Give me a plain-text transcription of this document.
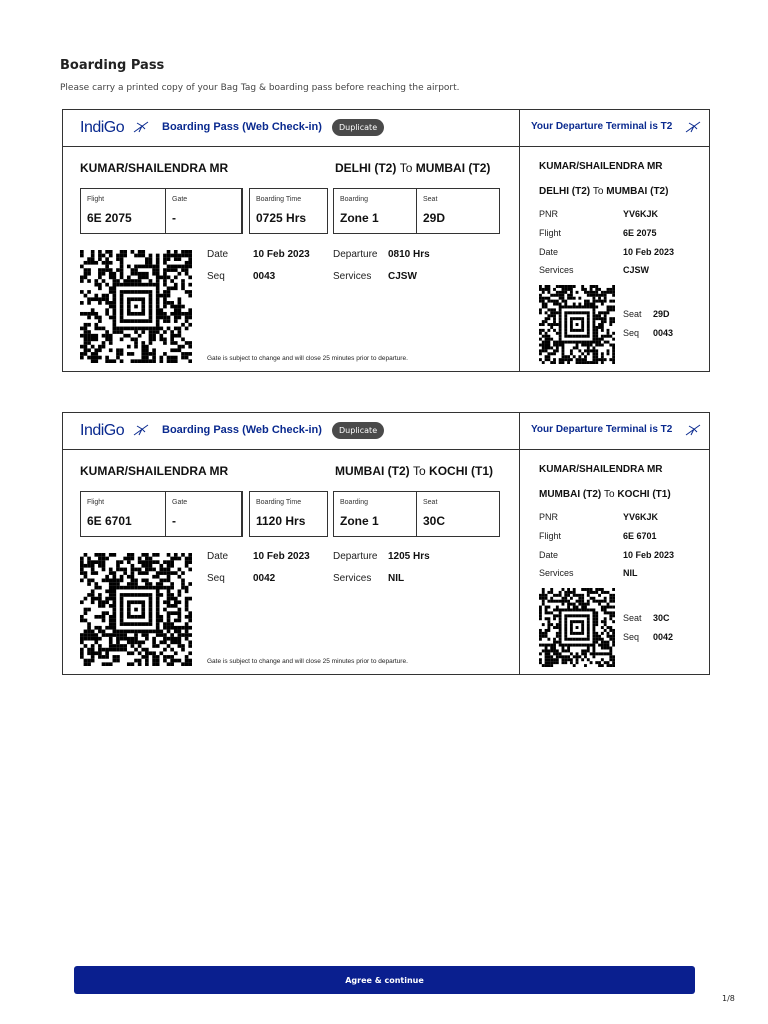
Boarding Pass
Please carry a printed copy of your Bag Tag & boarding pass before reaching the airport.
IndiGo	Boarding Pass (Web Check-in)	Duplicate	Your Departure Terminal is T2
KUMAR/SHAILENDRA MR	DELHI (T2) To MUMBAI (T2)
Flight
6E 2075
Gate
-
Boarding Time
0725 Hrs
Boarding
Zone 1
Seat
29D
Date 10 Feb 2023 Departure 0810 Hrs
Seq	0043	Services CJSW
Gate is subject to change and will close 25 minutes prior to departure.
KUMAR/SHAILENDRA MR
DELHI (T2) To MUMBAI (T2)
PNR	YV6KJK
Flight	6E 2075
Date	10 Feb 2023
Services	CJSW
Seat 29D
Seq 0043
IndiGo	Boarding Pass (Web Check-in)	Duplicate	Your Departure Terminal is T2
KUMAR/SHAILENDRA MR	MUMBAI (T2) To KOCHI (T1)
Flight
6E 6701
Gate
-
Boarding Time
1120 Hrs
Boarding
Zone 1
Seat
30C
Date 10 Feb 2023 Departure 1205 Hrs
Seq	0042	Services NIL
Gate is subject to change and will close 25 minutes prior to departure.
KUMAR/SHAILENDRA MR
MUMBAI (T2) To KOCHI (T1)
PNR	YV6KJK
Flight	6E 6701
Date	10 Feb 2023
Services	NIL
Seat 30C
Seq 0042
Agree & continue
1/8
